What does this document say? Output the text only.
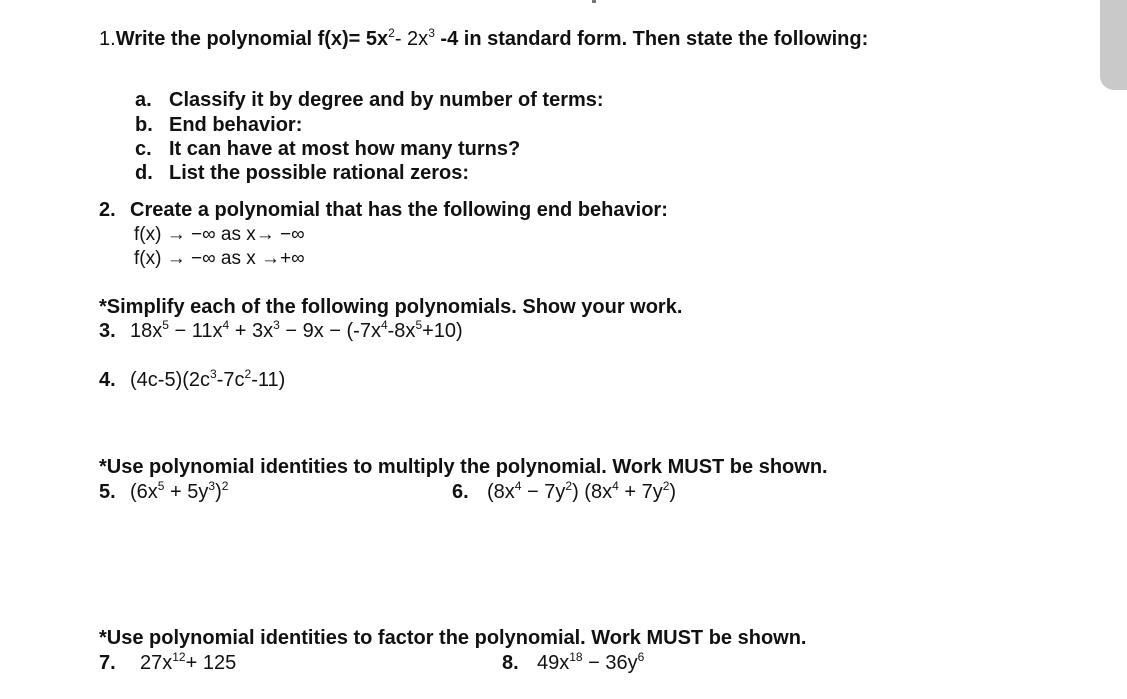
1.Write the polynomial $f(x)= 5x^2-$ $2x^3$ -4 in standard form. Then state the following:
a. Classify it by degree and by number of terms:
b. End behavior:
c. It can have at most how many turns?
d. List the possible rational zeros:
2. Create a polynomial that has the following end behavior:
f(x) → −∞ as x→ −∞
f(x) → −∞ as x →+∞
*Simplify each of the following polynomials. Show your work.
3. $18x^5 - 11x^4 + 3x^3 - 9x - (-7x^4-8x^5+10)$
4. $(4c-5)(2c^3-7c^2-11)$
*Use polynomial identities to multiply the polynomial. Work MUST be shown.
5. $(6x^5 + 5y^3)^2$	6. $(8x^4 - 7y^2) (8x^4 + 7y^2)$
*Use polynomial identities to factor the polynomial. Work MUST be shown.
7. $27x^{12}+ 125$	8. $49x^{18} - 36y^6$
